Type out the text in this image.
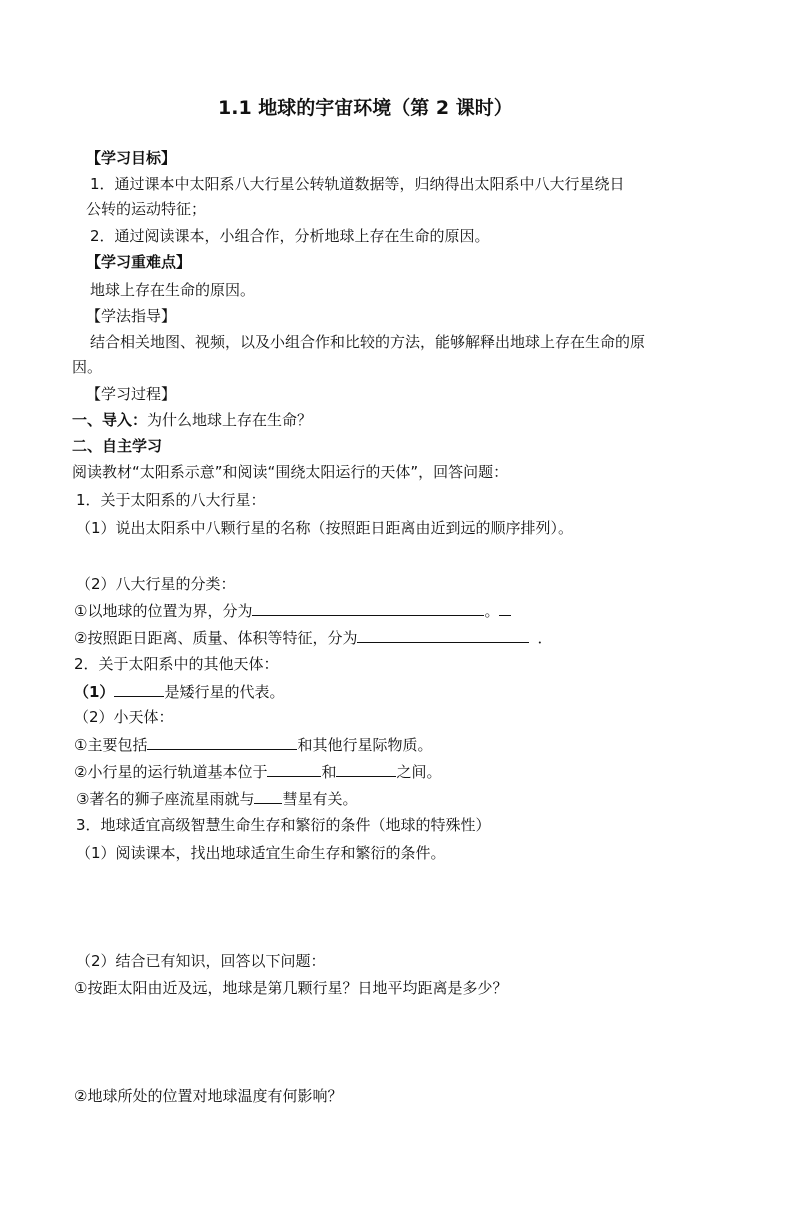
1.1 地球的宇宙环境（第 2 课时）
【学习目标】
1．通过课本中太阳系八大行星公转轨道数据等，归纳得出太阳系中八大行星绕日
公转的运动特征；
2．通过阅读课本，小组合作，分析地球上存在生命的原因。
【学习重难点】
地球上存在生命的原因。
【学法指导】
结合相关地图、视频，以及小组合作和比较的方法，能够解释出地球上存在生命的原
因。
【学习过程】
一、导入：为什么地球上存在生命？
二、自主学习
阅读教材“太阳系示意”和阅读“围绕太阳运行的天体”，回答问题：
1．关于太阳系的八大行星：
（1）说出太阳系中八颗行星的名称（按照距日距离由近到远的顺序排列）。
（2）八大行星的分类：
①以地球的位置为界，分为	。
②按照距日距离、质量、体积等特征，分为	．
2．关于太阳系中的其他天体：
（1）	是矮行星的代表。
（2）小天体：
①主要包括	和其他行星际物质。
②小行星的运行轨道基本位于	和	之间。
③著名的狮子座流星雨就与 彗星有关。
3．地球适宜高级智慧生命生存和繁衍的条件（地球的特殊性）
（1）阅读课本，找出地球适宜生命生存和繁衍的条件。
（2）结合已有知识，回答以下问题：
①按距太阳由近及远，地球是第几颗行星？日地平均距离是多少？
②地球所处的位置对地球温度有何影响？
